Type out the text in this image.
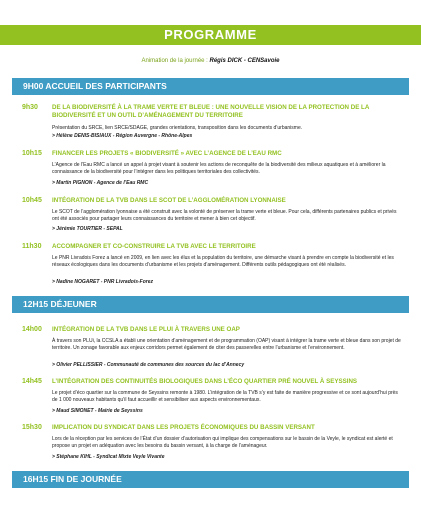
PROGRAMME
Animation de la journée : Régis DICK - CENSavoie
9H00 ACCUEIL DES PARTICIPANTS
9h30 DE LA BIODIVERSITÉ À LA TRAME VERTE ET BLEUE : UNE NOUVELLE VISION DE LA PROTECTION DE LA BIODIVERSITÉ ET UN OUTIL D’AMÉNAGEMENT DU TERRITOIRE
Présentation du SRCE, lien SRCE/SDAGE, grandes orientations, transposition dans les documents d’urbanisme.
> Hélène DENIS-BISIAUX - Région Auvergne - Rhône-Alpes
10h15 FINANCER LES PROJETS « BIODIVERSITÉ » AVEC L’AGENCE DE L’EAU RMC
L’Agence de l’Eau RMC a lancé un appel à projet visant à soutenir les actions de reconquête de la biodiversité des milieux aquatiques et à améliorer la connaissance de la biodiversité pour l’intégrer dans les politiques territoriales des collectivités.
> Martin PIGNON - Agence de l’Eau RMC
10h45 INTÉGRATION DE LA TVB DANS LE SCOT DE L’AGGLOMÉRATION LYONNAISE
Le SCOT de l’agglomération lyonnaise a été construit avec la volonté de préserver la trame verte et bleue. Pour cela, différents partenaires publics et privés ont été associés pour partager leurs connaissances du territoire et mener à bien cet objectif.
> Jérémie TOURTIER - SEPAL
11h30 ACCOMPAGNER ET CO-CONSTRUIRE LA TVB AVEC LE TERRITOIRE
Le PNR Livradois Forez a lancé en 2009, en lien avec les élus et la population du territoire, une démarche visant à prendre en compte la biodiversité et les réseaux écologiques dans les documents d’urbanisme et les projets d’aménagement. Différents outils pédagogiques ont été réalisés.
> Nadine NOGARET - PNR Livradois-Forez
12H15 DÉJEUNER
14h00 INTÉGRATION DE LA TVB DANS LE PLUI À TRAVERS UNE OAP
À travers son PLUi, la CCSLA a établi une orientation d’aménagement et de programmation (OAP) visant à intégrer la trame verte et bleue dans son projet de territoire. Un zonage favorable aux enjeux corridors permet également de citer des passerelles entre l’urbanisme et l’environnement.
> Olivier PELLISSIER - Communauté de communes des sources du lac d’Annecy
14h45 L’INTÉGRATION DES CONTINUITÉS BIOLOGIQUES DANS L’ÉCO QUARTIER PRÉ NOUVEL À SEYSSINS
Le projet d’éco quartier sur la commune de Seyssins remonte à 1980. L’intégration de la TVB s’y est faite de manière progressive et ce sont aujourd’hui près de 1 000 nouveaux habitants qu’il faut accueillir et sensibiliser aux aspects environnementaux.
> Maud SIMONET - Mairie de Seyssins
15h30 IMPLICATION DU SYNDICAT DANS LES PROJETS ÉCONOMIQUES DU BASSIN VERSANT
Lors de la réception par les services de l’État d’un dossier d’autorisation qui implique des compensations sur le bassin de la Veyle, le syndicat est alerté et propose un projet en adéquation avec les besoins du bassin versant, à la charge de l’aménageur.
> Stéphane KIHL - Syndicat Mixte Veyle Vivante
16H15 FIN DE JOURNÉE
